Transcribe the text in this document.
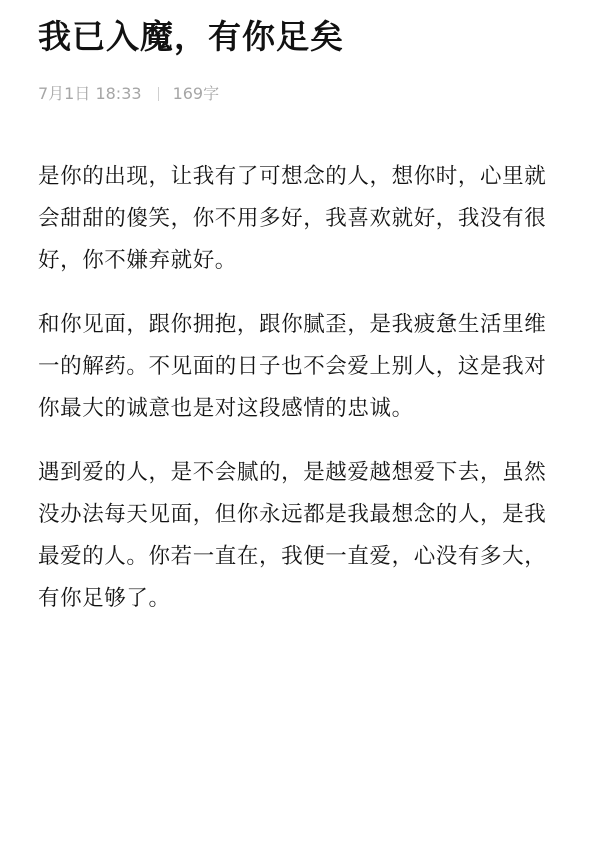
我已入魔，有你足矣
7月1日 18:33 169字

是你的出现，让我有了可想念的人，想你时，心里就会甜甜的傻笑，你不用多好，我喜欢就好，我没有很好，你不嫌弃就好。

和你见面，跟你拥抱，跟你腻歪，是我疲惫生活里维一的解药。不见面的日子也不会爱上别人，这是我对你最大的诚意也是对这段感情的忠诚。

遇到爱的人，是不会腻的，是越爱越想爱下去，虽然没办法每天见面，但你永远都是我最想念的人，是我最爱的人。你若一直在，我便一直爱，心没有多大，有你足够了。
